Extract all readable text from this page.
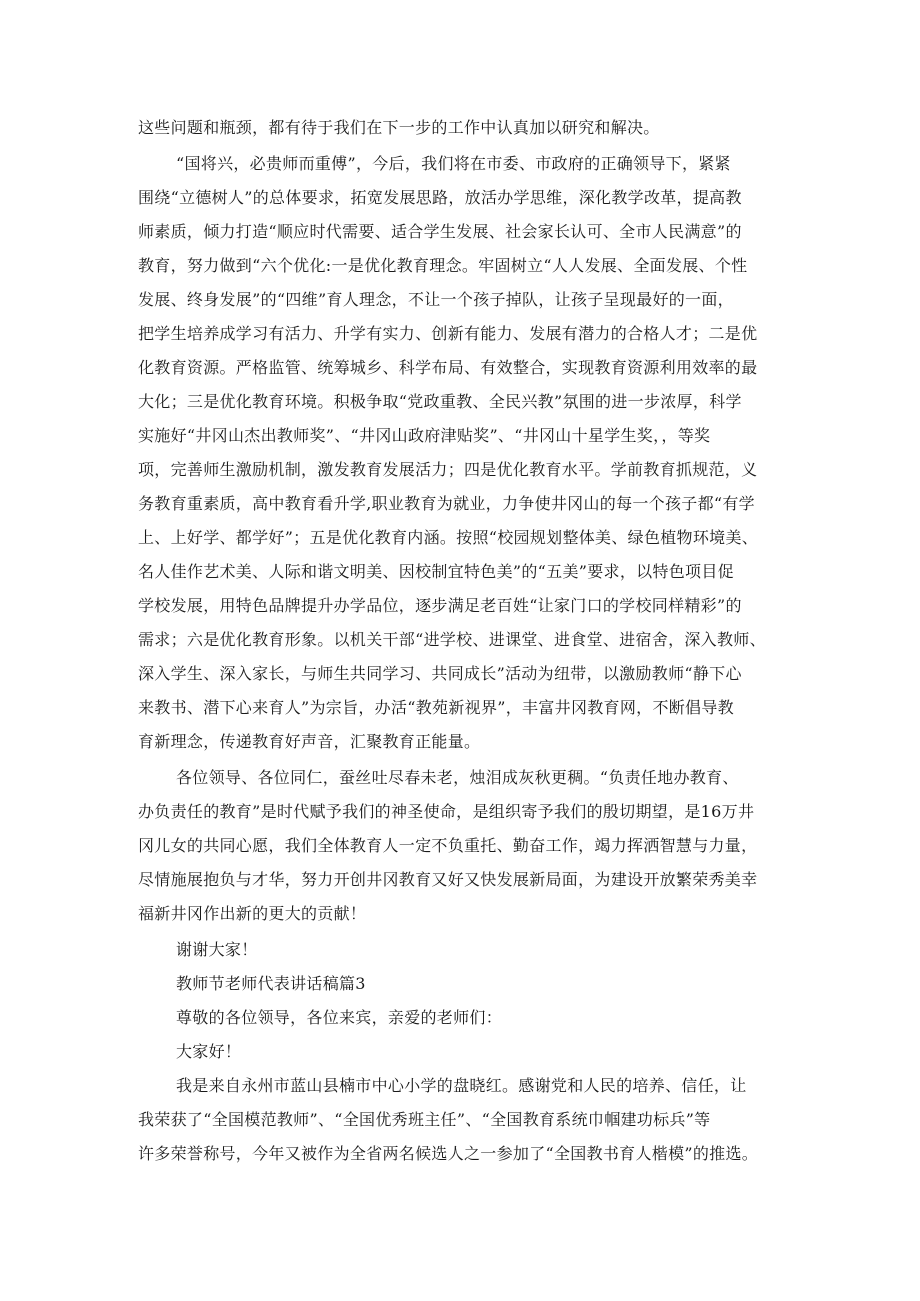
这些问题和瓶颈，都有待于我们在下一步的工作中认真加以研究和解决。
“国将兴，必贵师而重傅”，今后，我们将在市委、市政府的正确领导下，紧紧
围绕“立德树人”的总体要求，拓宽发展思路，放活办学思维，深化教学改革，提高教
师素质，倾力打造“顺应时代需要、适合学生发展、社会家长认可、全市人民满意”的
教育，努力做到“六个优化:一是优化教育理念。牢固树立“人人发展、全面发展、个性
发展、终身发展”的“四维”育人理念，不让一个孩子掉队，让孩子呈现最好的一面，
把学生培养成学习有活力、升学有实力、创新有能力、发展有潜力的合格人才；二是优
化教育资源。严格监管、统筹城乡、科学布局、有效整合，实现教育资源利用效率的最
大化；三是优化教育环境。积极争取“党政重教、全民兴教”氛围的进一步浓厚，科学
实施好“井冈山杰出教师奖”、“井冈山政府津贴奖”、“井冈山十星学生奖，，等奖
项，完善师生激励机制，激发教育发展活力；四是优化教育水平。学前教育抓规范，义
务教育重素质，高中教育看升学,职业教育为就业，力争使井冈山的每一个孩子都“有学
上、上好学、都学好”；五是优化教育内涵。按照“校园规划整体美、绿色植物环境美、
名人佳作艺术美、人际和谐文明美、因校制宜特色美”的“五美”要求，以特色项目促
学校发展，用特色品牌提升办学品位，逐步满足老百姓“让家门口的学校同样精彩”的
需求；六是优化教育形象。以机关干部“进学校、进课堂、进食堂、进宿舍，深入教师、
深入学生、深入家长，与师生共同学习、共同成长”活动为纽带，以激励教师“静下心
来教书、潜下心来育人”为宗旨，办活“教苑新视界”，丰富井冈教育网，不断倡导教
育新理念，传递教育好声音，汇聚教育正能量。
各位领导、各位同仁，蚕丝吐尽春未老，烛泪成灰秋更稠。“负责任地办教育、
办负责任的教育”是时代赋予我们的神圣使命，是组织寄予我们的殷切期望，是16万井
冈儿女的共同心愿，我们全体教育人一定不负重托、勤奋工作，竭力挥洒智慧与力量，
尽情施展抱负与才华，努力开创井冈教育又好又快发展新局面，为建设开放繁荣秀美幸
福新井冈作出新的更大的贡献！
谢谢大家！
教师节老师代表讲话稿篇3
尊敬的各位领导，各位来宾，亲爱的老师们：
大家好！
我是来自永州市蓝山县楠市中心小学的盘晓红。感谢党和人民的培养、信任，让
我荣获了“全国模范教师”、“全国优秀班主任”、“全国教育系统巾帼建功标兵”等
许多荣誉称号，今年又被作为全省两名候选人之一参加了“全国教书育人楷模”的推选。
